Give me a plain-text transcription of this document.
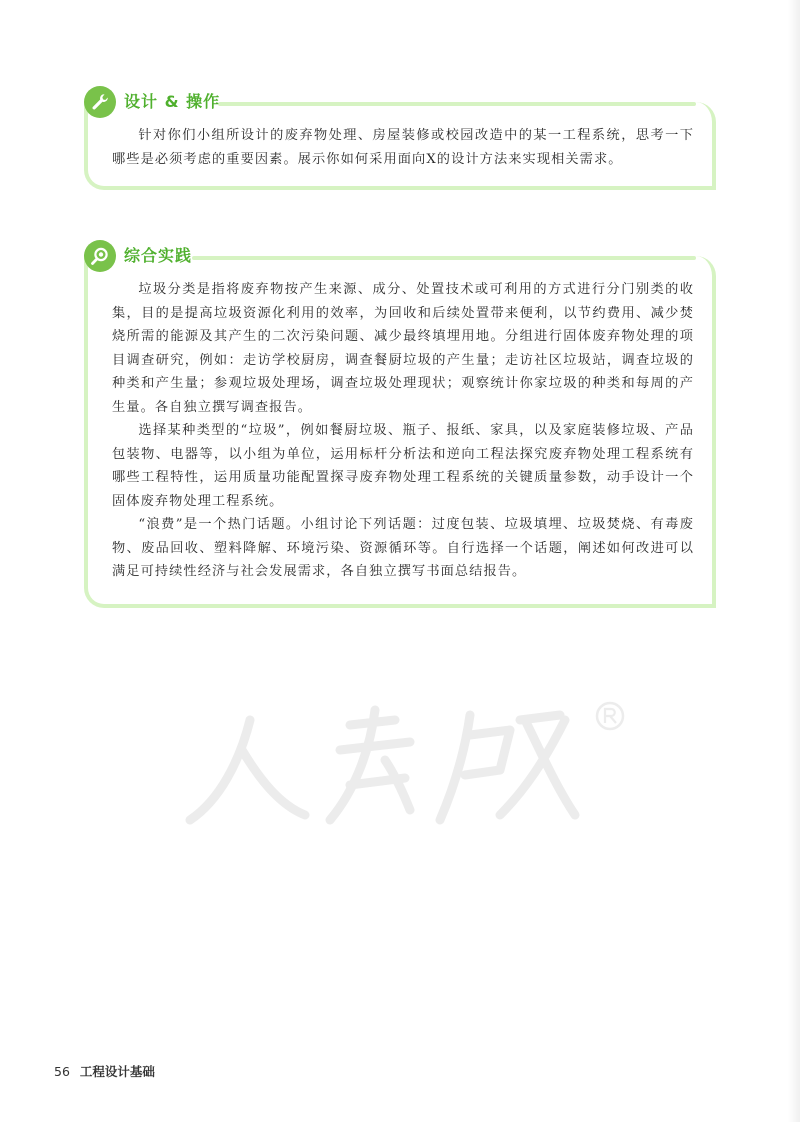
设计 & 操作

针对你们小组所设计的废弃物处理、房屋装修或校园改造中的某一工程系统，思考一下哪些是必须考虑的重要因素。展示你如何采用面向X的设计方法来实现相关需求。

综合实践

垃圾分类是指将废弃物按产生来源、成分、处置技术或可利用的方式进行分门别类的收集，目的是提高垃圾资源化利用的效率，为回收和后续处置带来便利，以节约费用、减少焚烧所需的能源及其产生的二次污染问题、减少最终填埋用地。分组进行固体废弃物处理的项目调查研究，例如：走访学校厨房，调查餐厨垃圾的产生量；走访社区垃圾站，调查垃圾的种类和产生量；参观垃圾处理场，调查垃圾处理现状；观察统计你家垃圾的种类和每周的产生量。各自独立撰写调查报告。

选择某种类型的“垃圾”，例如餐厨垃圾、瓶子、报纸、家具，以及家庭装修垃圾、产品包装物、电器等，以小组为单位，运用标杆分析法和逆向工程法探究废弃物处理工程系统有哪些工程特性，运用质量功能配置探寻废弃物处理工程系统的关键质量参数，动手设计一个固体废弃物处理工程系统。

“浪费”是一个热门话题。小组讨论下列话题：过度包装、垃圾填埋、垃圾焚烧、有毒废物、废品回收、塑料降解、环境污染、资源循环等。自行选择一个话题，阐述如何改进可以满足可持续性经济与社会发展需求，各自独立撰写书面总结报告。

56 工程设计基础
